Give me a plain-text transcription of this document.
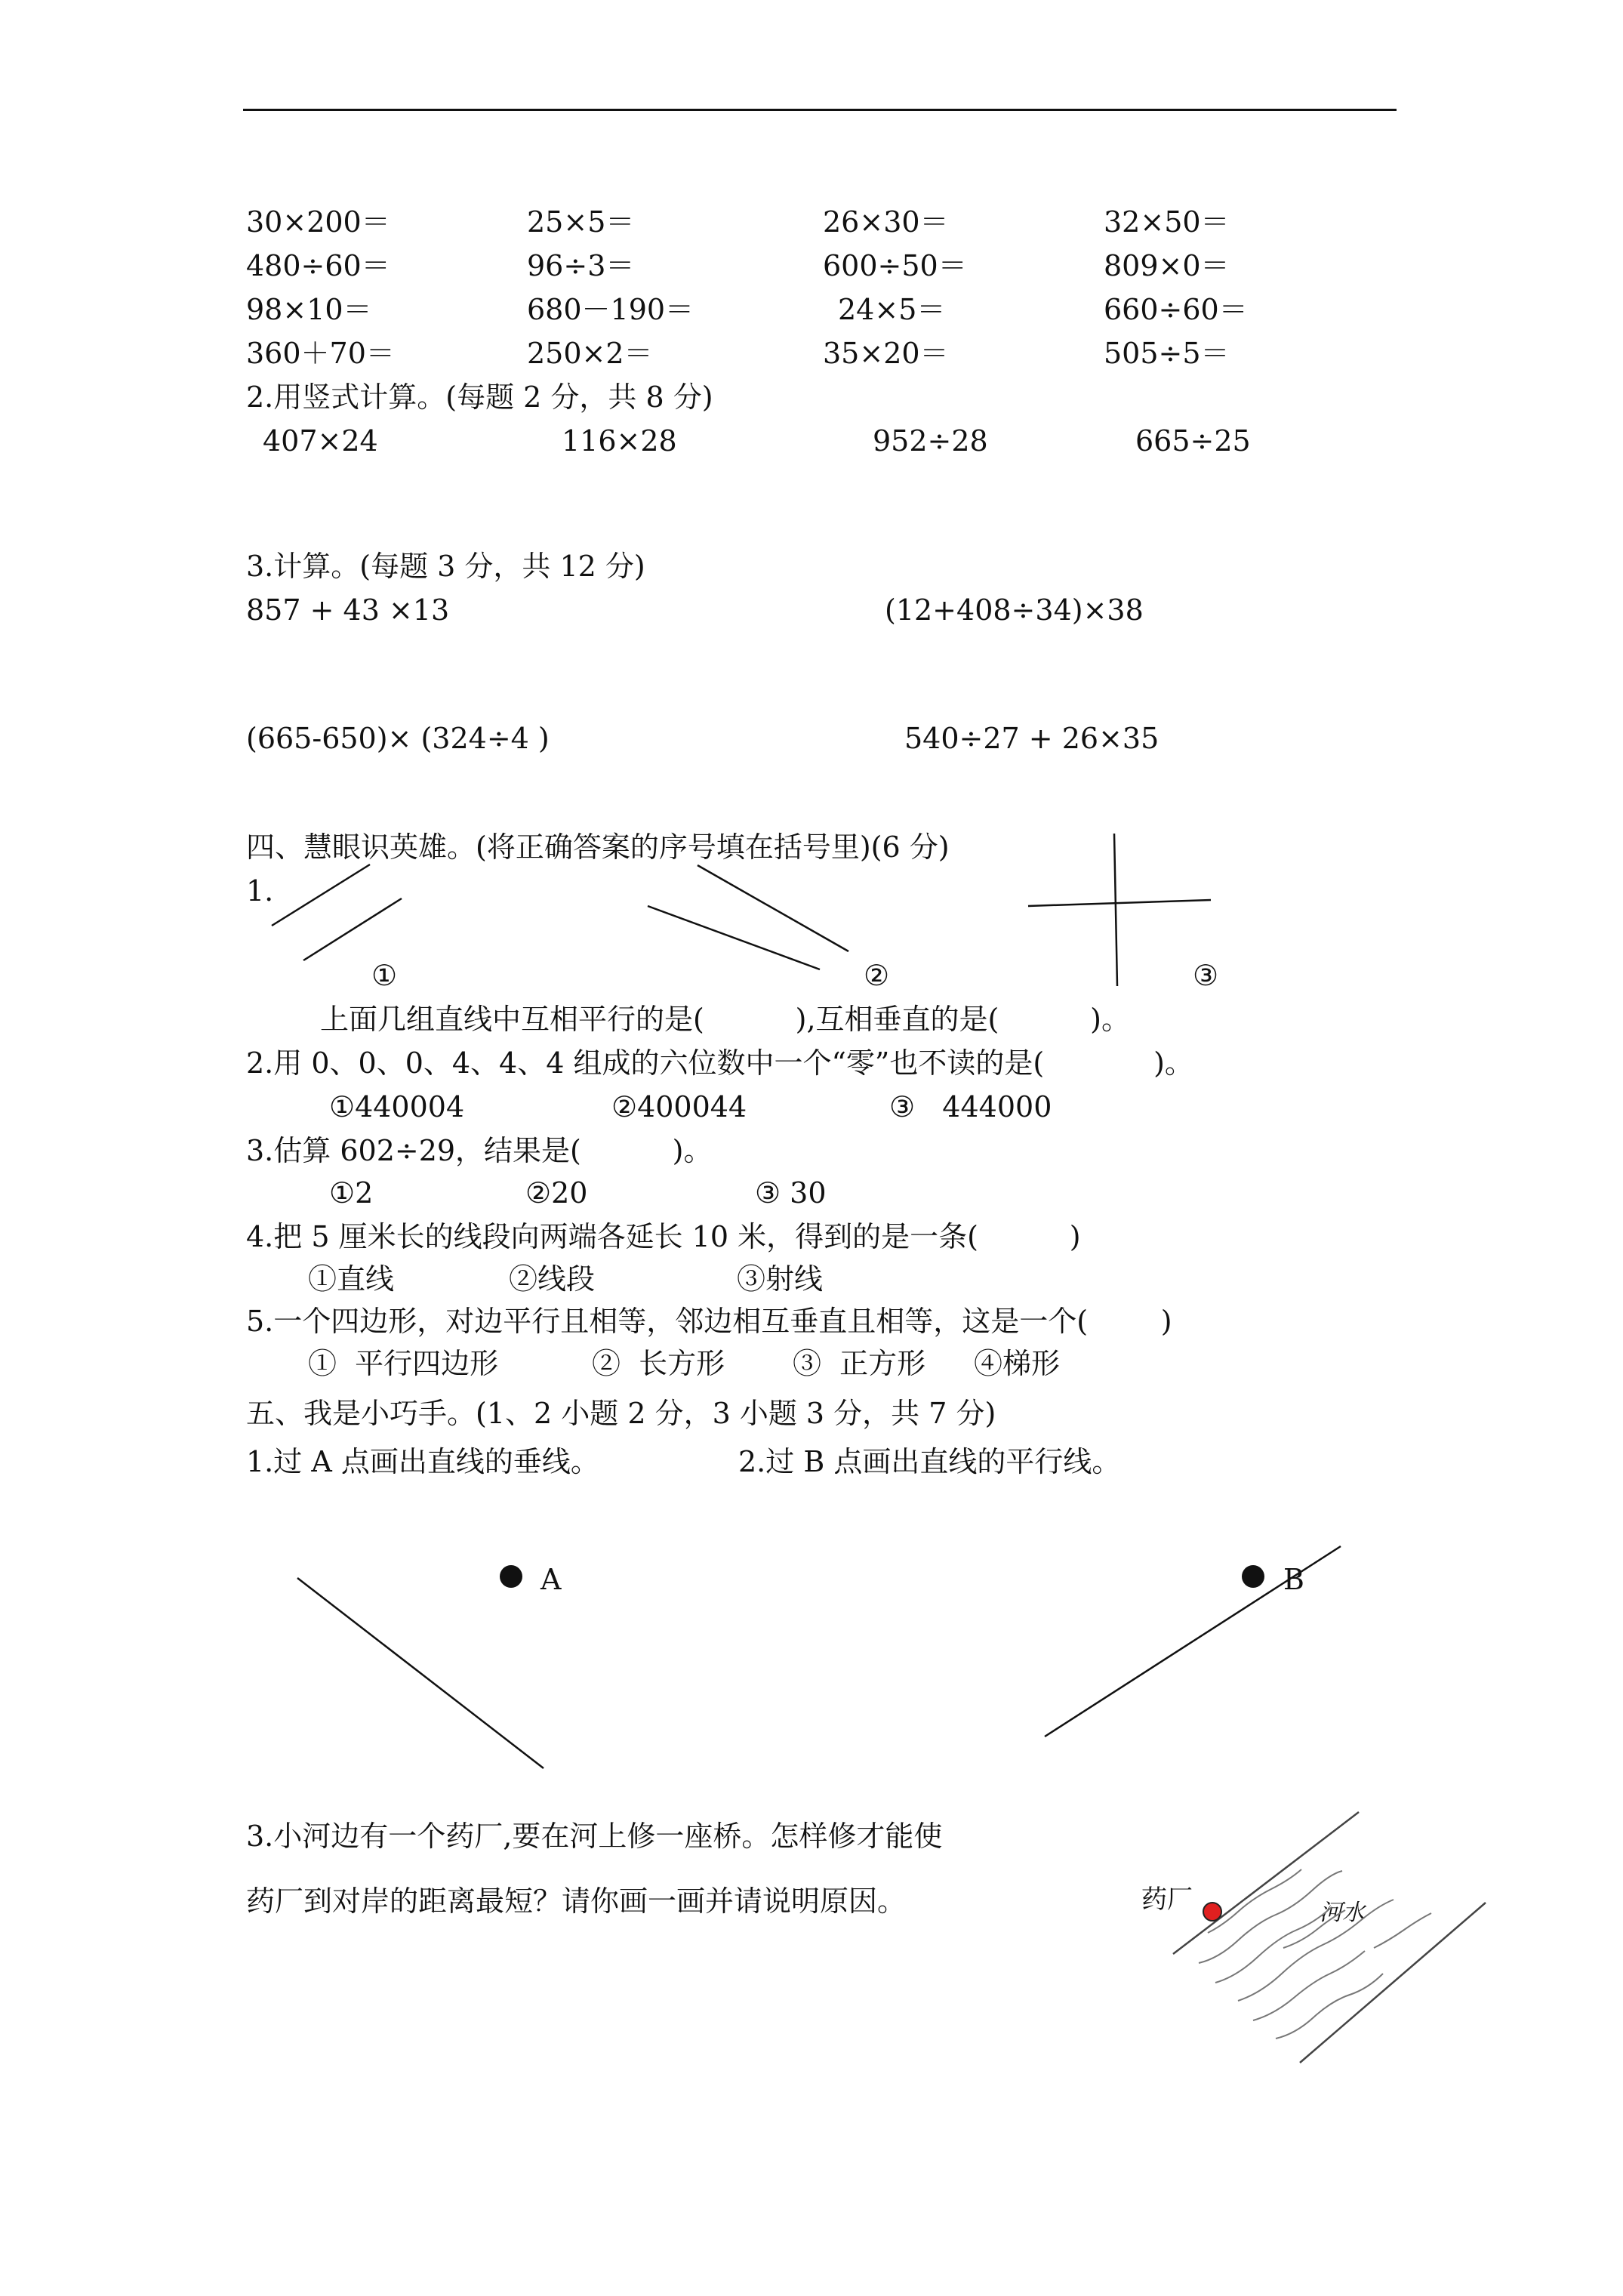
30×200＝	25×5＝	26×30＝	32×50＝
480÷60＝	96÷3＝	600÷50＝	809×0＝
98×10＝	680－190＝	24×5＝	660÷60＝
360＋70＝	250×2＝	35×20＝	505÷5＝
2.用竖式计算。(每题 2 分，共 8 分)
407×24	116×28	952÷28	665÷25
3.计算。(每题 3 分，共 12 分)
857 + 43 ×13	(12+408÷34)×38
(665-650)× (324÷4 )	540÷27 + 26×35
四、慧眼识英雄。(将正确答案的序号填在括号里)(6 分)
1.
①	②	③
上面几组直线中互相平行的是(          ),互相垂直的是(          )。
2.用 0、0、0、4、4、4 组成的六位数中一个“零”也不读的是(            )。
①440004	②400044	③   444000
3.估算 602÷29，结果是(          )。
①2	②20	③ 30
4.把 5 厘米长的线段向两端各延长 10 米，得到的是一条(          )
①直线	②线段	③射线
5.一个四边形，对边平行且相等，邻边相互垂直且相等，这是一个(        )
①  平行四边形	②  长方形 ③  正方形 ④梯形
五、我是小巧手。(1、2 小题 2 分，3 小题 3 分，共 7 分)
1.过 A 点画出直线的垂线。	2.过 B 点画出直线的平行线。
A	B
3.小河边有一个药厂,要在河上修一座桥。怎样修才能使
药厂到对岸的距离最短？请你画一画并请说明原因。	药厂	河水
